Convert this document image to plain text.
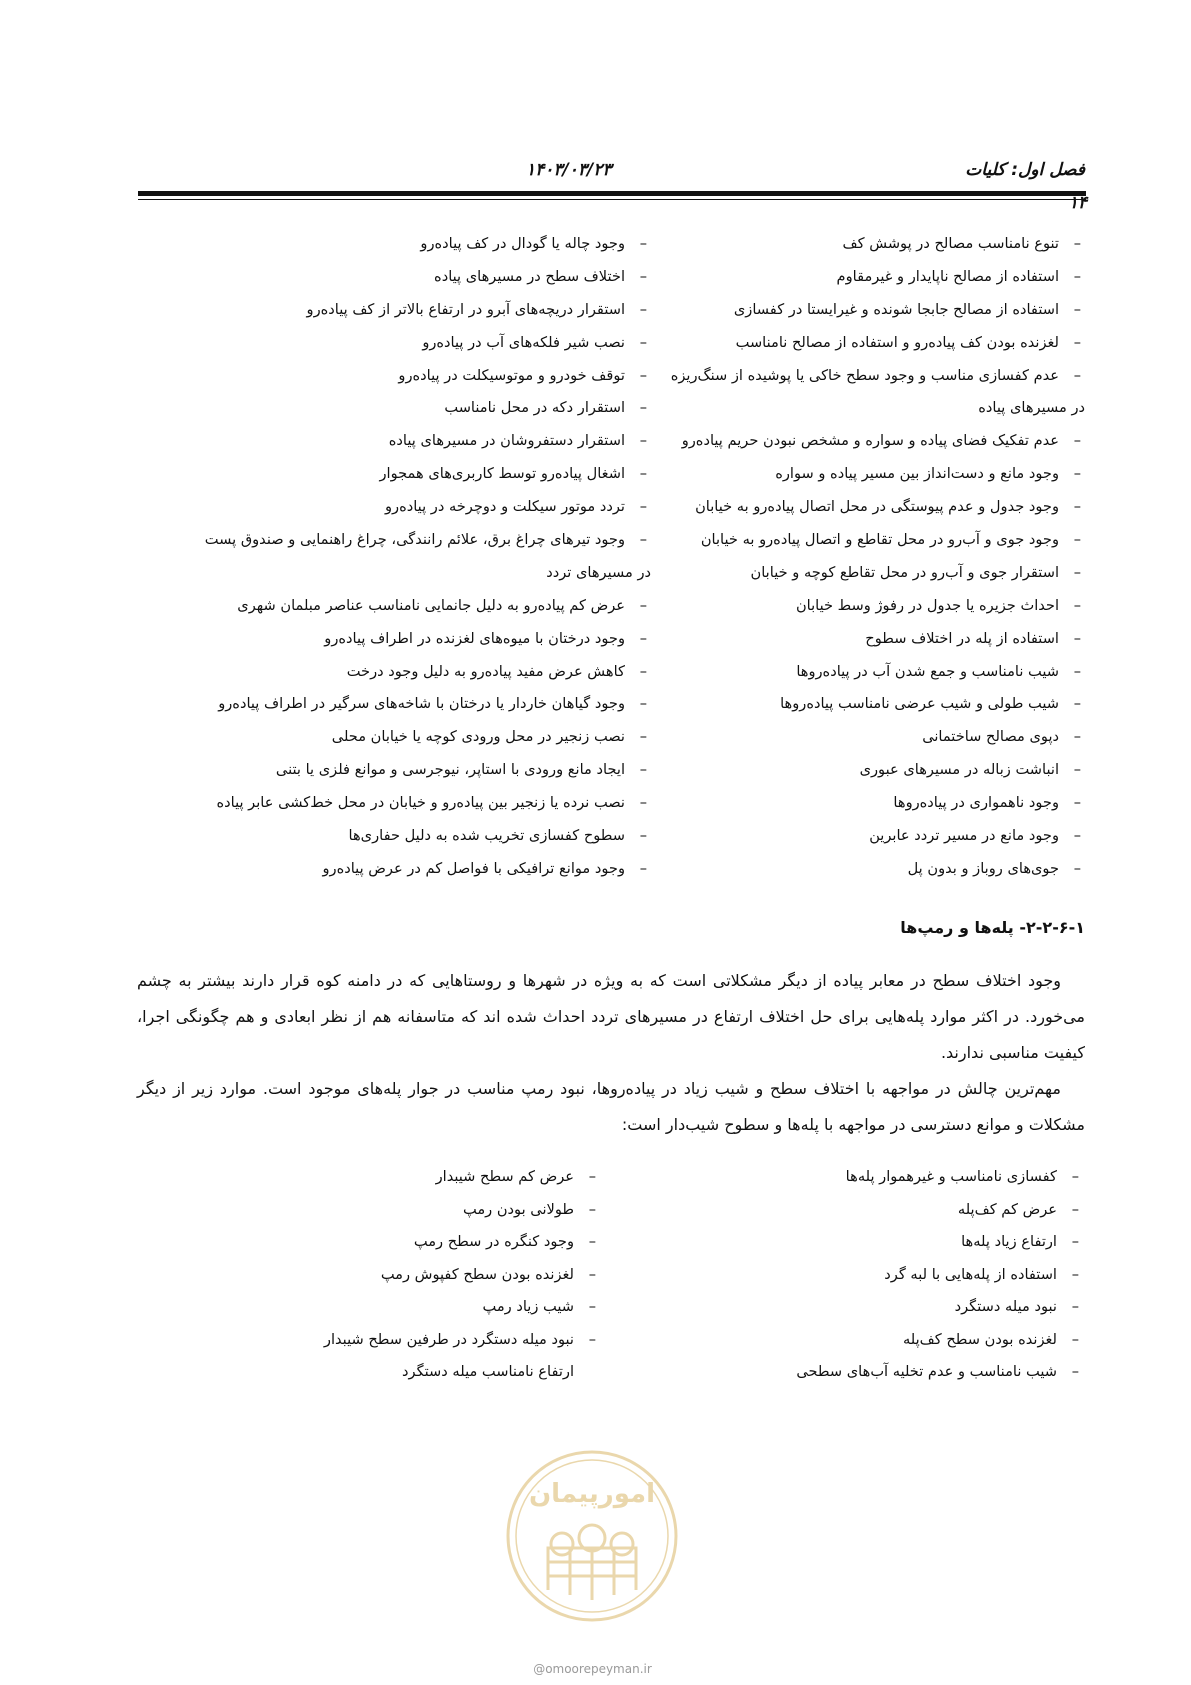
فصل اول: کلیات
۱۴۰۳/۰۳/۲۳
۱۴
– تنوع نامناسب مصالح در پوشش کف
– استفاده از مصالح ناپایدار و غیرمقاوم
– استفاده از مصالح جابجا شونده و غیرایستا در کفسازی
– لغزنده بودن کف پیاده‌رو و استفاده از مصالح نامناسب
– عدم کفسازی مناسب و وجود سطح خاکی یا پوشیده از سنگ‌ریزه
در مسیرهای پیاده
– عدم تفکیک فضای پیاده و سواره و مشخص نبودن حریم پیاده‌رو
– وجود مانع و دست‌انداز بین مسیر پیاده و سواره
– وجود جدول و عدم پیوستگی در محل اتصال پیاده‌رو به خیابان
– وجود جوی و آب‌رو در محل تقاطع و اتصال پیاده‌رو به خیابان
– استقرار جوی و آب‌رو در محل تقاطع کوچه و خیابان
– احداث جزیره یا جدول در رفوژ وسط خیابان
– استفاده از پله در اختلاف سطوح
– شیب نامناسب و جمع شدن آب در پیاده‌روها
– شیب طولی و شیب عرضی نامناسب پیاده‌روها
– دپوی مصالح ساختمانی
– انباشت زباله در مسیرهای عبوری
– وجود ناهمواری در پیاده‌روها
– وجود مانع در مسیر تردد عابرین
– جوی‌های روباز و بدون پل
– وجود چاله یا گودال در کف پیاده‌رو
– اختلاف سطح در مسیرهای پیاده
– استقرار دریچه‌های آبرو در ارتفاع بالاتر از کف پیاده‌رو
– نصب شیر فلکه‌های آب در پیاده‌رو
– توقف خودرو و موتوسیکلت در پیاده‌رو
– استقرار دکه در محل نامناسب
– استقرار دستفروشان در مسیرهای پیاده
– اشغال پیاده‌رو توسط کاربری‌های همجوار
– تردد موتور سیکلت و دوچرخه در پیاده‌رو
– وجود تیرهای چراغ برق، علائم رانندگی، چراغ راهنمایی و صندوق پست
در مسیرهای تردد
– عرض کم پیاده‌رو به دلیل جانمایی نامناسب عناصر مبلمان شهری
– وجود درختان با میوه‌های لغزنده در اطراف پیاده‌رو
– کاهش عرض مفید پیاده‌رو به دلیل وجود درخت
– وجود گیاهان خاردار یا درختان با شاخه‌های سرگیر در اطراف پیاده‌رو
– نصب زنجیر در محل ورودی کوچه یا خیابان محلی
– ایجاد مانع ورودی با استاپر، نیوجرسی و موانع فلزی یا بتنی
– نصب نرده یا زنجیر بین پیاده‌رو و خیابان در محل خط‌کشی عابر پیاده
– سطوح کفسازی تخریب شده به دلیل حفاری‌ها
– وجود موانع ترافیکی با فواصل کم در عرض پیاده‌رو
۲-۲-۶-۱- پله‌ها و رمپ‌ها

وجود اختلاف سطح در معابر پیاده از دیگر مشکلاتی است که به ویژه در شهرها و روستاهایی که در دامنه کوه قرار دارند بیشتر به چشم می‌خورد. در اکثر موارد پله‌هایی برای حل اختلاف ارتفاع در مسیرهای تردد احداث شده اند که متاسفانه هم از نظر ابعادی و هم چگونگی اجرا، کیفیت مناسبی ندارند.

مهم‌ترین چالش در مواجهه با اختلاف سطح و شیب زیاد در پیاده‌روها، نبود رمپ مناسب در جوار پله‌های موجود است. موارد زیر از دیگر مشکلات و موانع دسترسی در مواجهه با پله‌ها و سطوح شیب‌دار است:

– کفسازی نامناسب و غیرهموار پله‌ها
– عرض کم کف‌پله
– ارتفاع زیاد پله‌ها
– استفاده از پله‌هایی با لبه گرد
– نبود میله دستگرد
– لغزنده بودن سطح کف‌پله
– شیب نامناسب و عدم تخلیه آب‌های سطحی
– عرض کم سطح شیبدار
– طولانی بودن رمپ
– وجود کنگره در سطح رمپ
– لغزنده بودن سطح کفپوش رمپ
– شیب زیاد رمپ
– نبود میله دستگرد در طرفین سطح شیبدار
ارتفاع نامناسب میله دستگرد
امورپیمان
@omoorepeyman.ir
